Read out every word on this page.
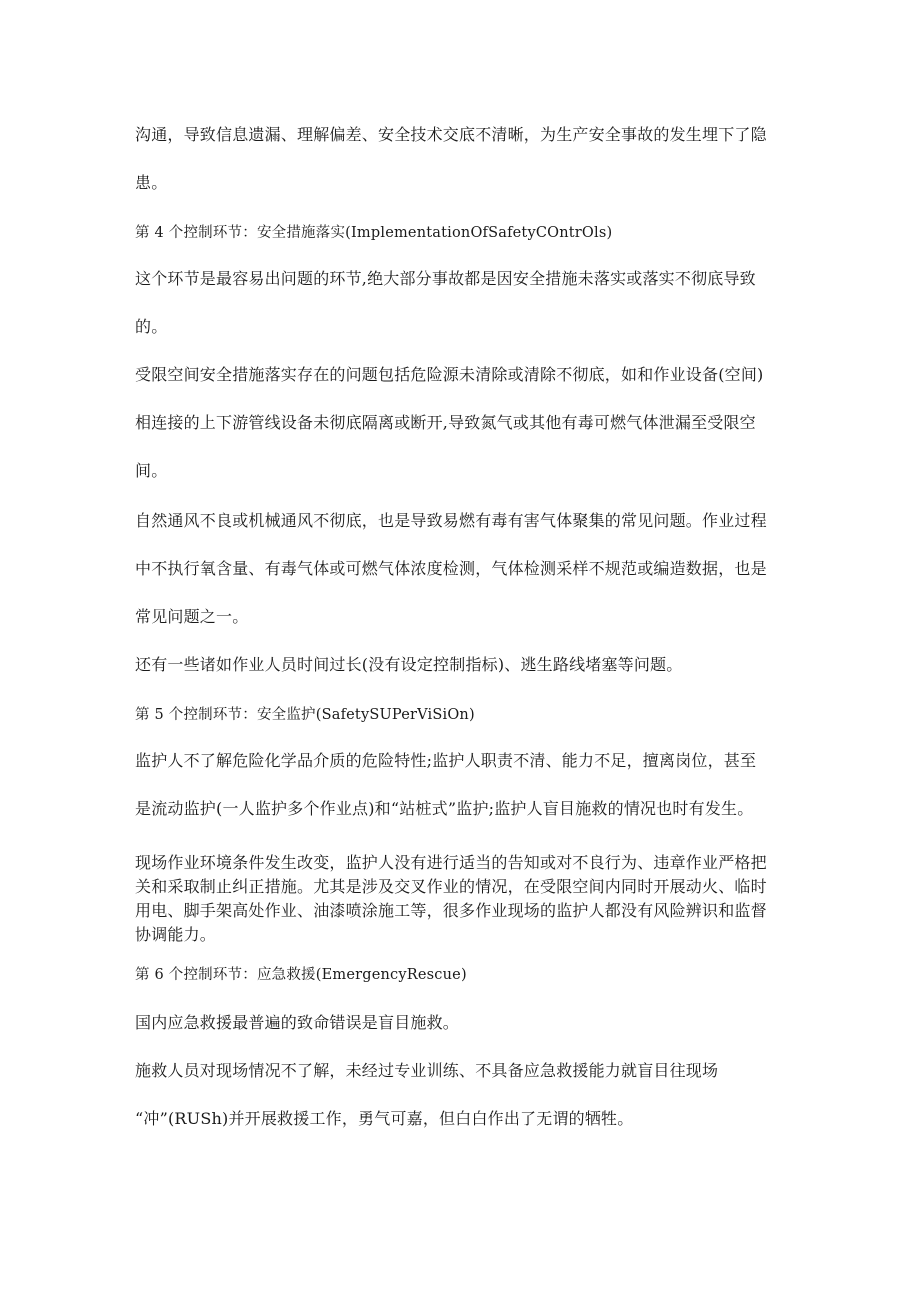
沟通，导致信息遗漏、理解偏差、安全技术交底不清晰，为生产安全事故的发生埋下了隐
患。
第 4 个控制环节：安全措施落实(ImplementationOfSafetyCOntrOls)
这个环节是最容易出问题的环节,绝大部分事故都是因安全措施未落实或落实不彻底导致
的。
受限空间安全措施落实存在的问题包括危险源未清除或清除不彻底，如和作业设备(空间)
相连接的上下游管线设备未彻底隔离或断开,导致氮气或其他有毒可燃气体泄漏至受限空
间。
自然通风不良或机械通风不彻底，也是导致易燃有毒有害气体聚集的常见问题。作业过程
中不执行氧含量、有毒气体或可燃气体浓度检测，气体检测采样不规范或编造数据，也是
常见问题之一。
还有一些诸如作业人员时间过长(没有设定控制指标)、逃生路线堵塞等问题。
第 5 个控制环节：安全监护(SafetySUPerViSiOn)
监护人不了解危险化学品介质的危险特性;监护人职责不清、能力不足，擅离岗位，甚至
是流动监护(一人监护多个作业点)和“站桩式”监护;监护人盲目施救的情况也时有发生。
现场作业环境条件发生改变，监护人没有进行适当的告知或对不良行为、违章作业严格把
关和采取制止纠正措施。尤其是涉及交叉作业的情况，在受限空间内同时开展动火、临时
用电、脚手架高处作业、油漆喷涂施工等，很多作业现场的监护人都没有风险辨识和监督
协调能力。
第 6 个控制环节：应急救援(EmergencyRescue)
国内应急救援最普遍的致命错误是盲目施救。
施救人员对现场情况不了解，未经过专业训练、不具备应急救援能力就盲目往现场
“冲”(RUSh)并开展救援工作，勇气可嘉，但白白作出了无谓的牺牲。
